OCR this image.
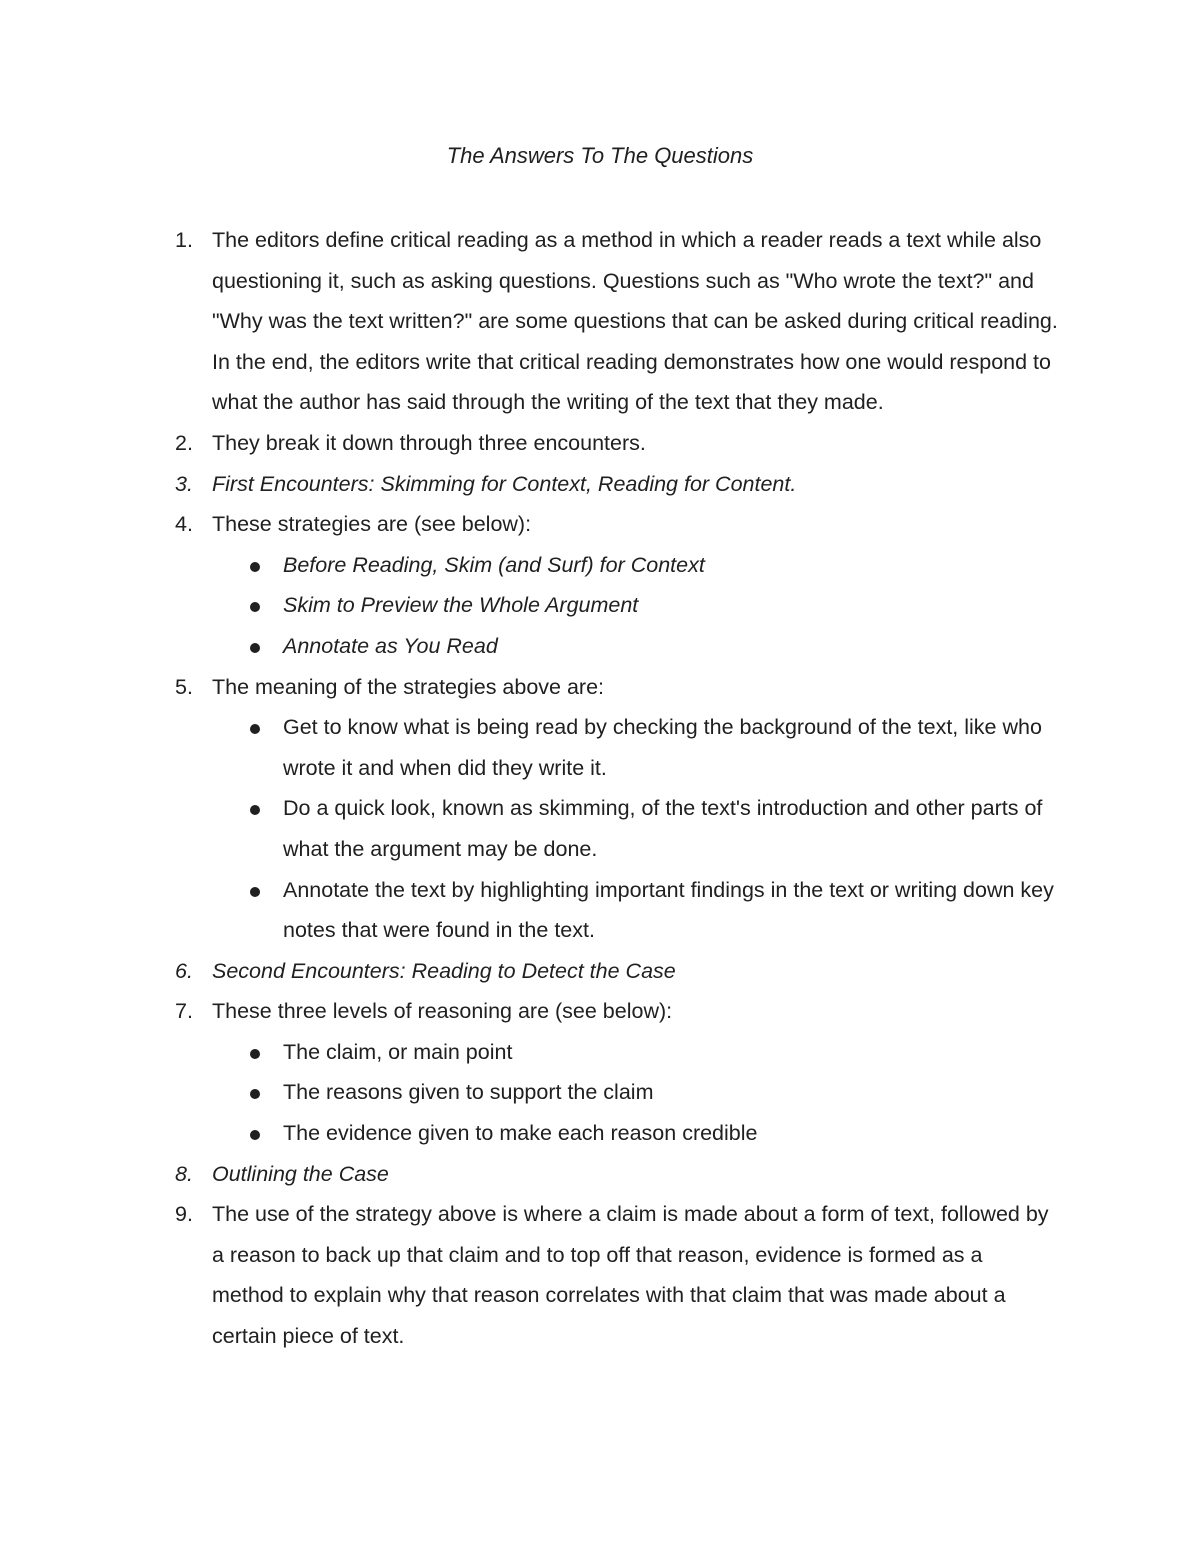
The Answers To The Questions
1. The editors define critical reading as a method in which a reader reads a text while also questioning it, such as asking questions. Questions such as "Who wrote the text?" and "Why was the text written?" are some questions that can be asked during critical reading. In the end, the editors write that critical reading demonstrates how one would respond to what the author has said through the writing of the text that they made.
2. They break it down through three encounters.
3. First Encounters: Skimming for Context, Reading for Content.
4. These strategies are (see below):
Before Reading, Skim (and Surf) for Context
Skim to Preview the Whole Argument
Annotate as You Read
5. The meaning of the strategies above are:
Get to know what is being read by checking the background of the text, like who wrote it and when did they write it.
Do a quick look, known as skimming, of the text's introduction and other parts of what the argument may be done.
Annotate the text by highlighting important findings in the text or writing down key notes that were found in the text.
6. Second Encounters: Reading to Detect the Case
7. These three levels of reasoning are (see below):
The claim, or main point
The reasons given to support the claim
The evidence given to make each reason credible
8. Outlining the Case
9. The use of the strategy above is where a claim is made about a form of text, followed by a reason to back up that claim and to top off that reason, evidence is formed as a method to explain why that reason correlates with that claim that was made about a certain piece of text.
